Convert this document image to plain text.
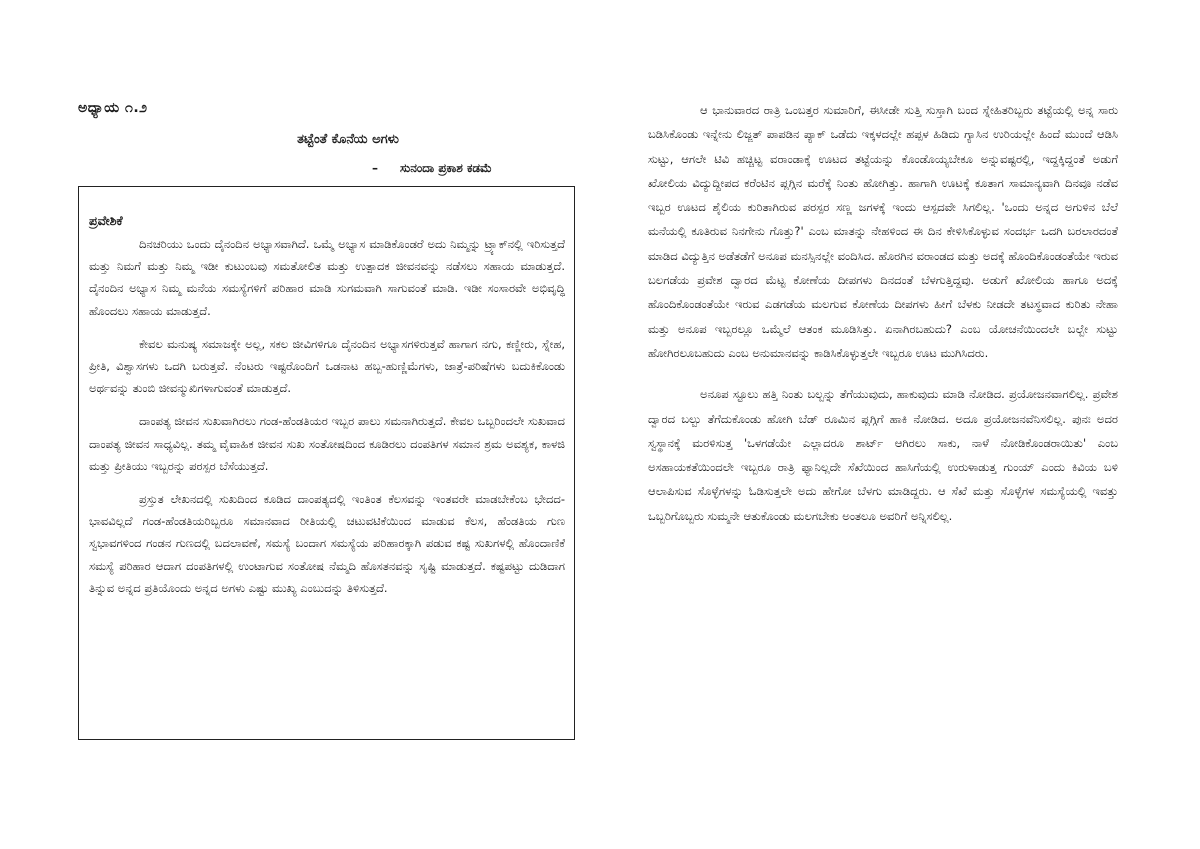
ಅಧ್ಯಾಯ ೧.೨
ತಟ್ಟೆಂತೆ ಕೊನೆಯ ಅಗಳು
– ಸುನಂದಾ ಪ್ರಕಾಶ ಕಡಮೆ
ಪ್ರವೇಶಿಕೆ

ದಿನಚರಿಯು ಒಂದು ದೈನಂದಿನ ಅಭ್ಯಾಸವಾಗಿದೆ. ಒಮ್ಮೆ ಅಭ್ಯಾಸ ಮಾಡಿಕೊಂಡರೆ ಅದು ನಿಮ್ಮನ್ನು ಟ್ರ್ಯಾಕ್‌ನಲ್ಲಿ ಇರಿಸುತ್ತದೆ ಮತ್ತು ನಿಮಗೆ ಮತ್ತು ನಿಮ್ಮ ಇಡೀ ಕುಟುಂಬವು ಸಮತೋಲಿತ ಮತ್ತು ಉತ್ಪಾದಕ ಜೀವನವನ್ನು ನಡೆಸಲು ಸಹಾಯ ಮಾಡುತ್ತದೆ. ದೈನಂದಿನ ಅಭ್ಯಾಸ ನಿಮ್ಮ ಮನೆಯ ಸಮಸ್ಯೆಗಳಿಗೆ ಪರಿಹಾರ ಮಾಡಿ ಸುಗಮವಾಗಿ ಸಾಗುವಂತೆ ಮಾಡಿ. ಇಡೀ ಸಂಸಾರವೇ ಅಭಿವೃದ್ಧಿ ಹೊಂದಲು ಸಹಾಯ ಮಾಡುತ್ತದೆ.

ಕೇವಲ ಮನುಷ್ಯ ಸಮಾಜಕ್ಕೇ ಅಲ್ಲ, ಸಕಲ ಜೀವಿಗಳಿಗೂ ದೈನಂದಿನ ಅಭ್ಯಾಸಗಳಿರುತ್ತವೆ ಹಾಗಾಗ ನಗು, ಕಣ್ಣೀರು, ಸ್ನೇಹ, ಪ್ರೀತಿ, ವಿಶ್ವಾಸಗಳು ಒದಗಿ ಬರುತ್ತವೆ. ನೆಂಟರು ಇಷ್ಟರೊಂದಿಗೆ ಒಡನಾಟ ಹಬ್ಬ-ಹುಣ್ಣಿಮೆಗಳು, ಜಾತ್ರೆ-ಪರಿಷೆಗಳು ಬದುಕಿಕೊಂಡು ಅರ್ಥವನ್ನು ತುಂಬಿ ಜೀವನ್ಮುಖಿಗಳಾಗುವಂತೆ ಮಾಡುತ್ತದೆ.

ದಾಂಪತ್ಯ ಜೀವನ ಸುಖವಾಗಿರಲು ಗಂಡ-ಹೆಂಡತಿಯರ ಇಬ್ಬರ ಪಾಲು ಸಮನಾಗಿರುತ್ತದೆ. ಕೇವಲ ಒಬ್ಬರಿಂದಲೇ ಸುಖವಾದ ದಾಂಪತ್ಯ ಜೀವನ ಸಾಧ್ಯವಿಲ್ಲ. ತಮ್ಮ ವೈವಾಹಿಕ ಜೀವನ ಸುಖ ಸಂತೋಷದಿಂದ ಕೂಡಿರಲು ದಂಪತಿಗಳ ಸಮಾನ ಶ್ರಮ ಅವಶ್ಯಕ, ಕಾಳಜಿ ಮತ್ತು ಪ್ರೀತಿಯು ಇಬ್ಬರನ್ನು ಪರಸ್ಪರ ಬೆಸೆಯುತ್ತದೆ.

ಪ್ರಸ್ತುತ ಲೇಖನದಲ್ಲಿ ಸುಖದಿಂದ ಕೂಡಿದ ದಾಂಪತ್ಯದಲ್ಲಿ ಇಂತಿಂತ ಕೆಲಸವನ್ನು ಇಂತವರೇ ಮಾಡಬೇಕೆಂಬ ಭೇದದ-ಭಾವವಿಲ್ಲದೆ ಗಂಡ-ಹೆಂಡತಿಯರಿಬ್ಬರೂ ಸಮಾನವಾದ ರೀತಿಯಲ್ಲಿ ಚಟುವಟಿಕೆಯಿಂದ ಮಾಡುವ ಕೆಲಸ, ಹೆಂಡತಿಯ ಗುಣ ಸ್ವಭಾವಗಳಿಂದ ಗಂಡನ ಗುಣದಲ್ಲಿ ಬದಲಾವಣೆ, ಸಮಸ್ಯೆ ಬಂದಾಗ ಸಮಸ್ಯೆಯ ಪರಿಹಾರಕ್ಕಾಗಿ ಪಡುವ ಕಷ್ಟ ಸುಖಗಳಲ್ಲಿ ಹೊಂದಾಣಿಕೆ ಸಮಸ್ಯೆ ಪರಿಹಾರ ಆದಾಗ ದಂಪತಿಗಳಲ್ಲಿ ಉಂಟಾಗುವ ಸಂತೋಷ ನೆಮ್ಮದಿ ಹೊಸತನವನ್ನು ಸೃಷ್ಟಿ ಮಾಡುತ್ತದೆ. ಕಷ್ಟಪಟ್ಟು ದುಡಿದಾಗ ತಿನ್ನುವ ಅನ್ನದ ಪ್ರತಿಯೊಂದು ಅನ್ನದ ಅಗಳು ಎಷ್ಟು ಮುಖ್ಯ ಎಂಬುದನ್ನು ತಿಳಿಸುತ್ತದೆ.

ಆ ಭಾನುವಾರದ ರಾತ್ರಿ ಒಂಬತ್ತರ ಸುಮಾರಿಗೆ, ಈಸೀಡೇ ಸುತ್ತಿ ಸುಸ್ತಾಗಿ ಬಂದ ಸ್ನೇಹಿತರಿಬ್ಬರು ತಟ್ಟೆಯಲ್ಲಿ ಅನ್ನ ಸಾರು ಬಡಿಸಿಕೊಂಡು ಇನ್ನೇನು ಲಿಜ್ಜತ್ ಪಾಪಡಿನ ಪ್ಯಾಕ್ ಒಡೆದು ಇಕ್ಕಳದಲ್ಲೇ ಹಪ್ಪಳ ಹಿಡಿದು ಗ್ಯಾಸಿನ ಉರಿಯಲ್ಲೇ ಹಿಂದೆ ಮುಂದೆ ಆಡಿಸಿ ಸುಟ್ಟು, ಆಗಲೇ ಟಿವಿ ಹಚ್ಚಿಟ್ಟ ವರಾಂಡಾಕ್ಕೆ ಊಟದ ತಟ್ಟೆಯನ್ನು ಕೊಂಡೊಯ್ಯಬೇಕೂ ಅನ್ನುವಷ್ಟರಲ್ಲಿ, ಇದ್ದಕ್ಕಿದ್ದಂತೆ ಅಡುಗೆ ಖೋಲಿಯ ವಿದ್ಯುದ್ದೀಪದ ಕರೆಂಟಿನ ಪ್ಲಗ್ಗಿನ ಮರೆಕ್ಕೆ ನಿಂತು ಹೋಗಿತ್ತು. ಹಾಗಾಗಿ ಊಟಕ್ಕೆ ಕೂತಾಗ ಸಾಮಾನ್ಯವಾಗಿ ದಿನವೂ ನಡೆವ ಇಬ್ಬರ ಊಟದ ಶೈಲಿಯ ಕುರಿತಾಗಿರುವ ಪರಸ್ಪರ ಸಣ್ಣ ಜಗಳಕ್ಕೆ ಇಂದು ಆಸ್ಪದವೇ ಸಿಗಲಿಲ್ಲ. 'ಒಂದು ಅನ್ನದ ಅಗುಳಿನ ಬೆಲೆ ಮನೆಯಲ್ಲಿ ಕೂತಿರುವ ನಿನಗೇನು ಗೊತ್ತು?' ಎಂಬ ಮಾತನ್ನು ನೇಹಳಿಂದ ಈ ದಿನ ಕೇಳಿಸಿಕೊಳ್ಳುವ ಸಂದರ್ಭ ಒದಗಿ ಬರಲಾರದಂತೆ ಮಾಡಿದ ವಿದ್ಯುತ್ತಿನ ಅಡೆತಡೆಗೆ ಅನೂಪ ಮನಸ್ಸಿನಲ್ಲೇ ವಂದಿಸಿದ. ಹೊರಗಿನ ವರಾಂಡದ ಮತ್ತು ಅದಕ್ಕೆ ಹೊಂದಿಕೊಂಡಂತೆಯೇ ಇರುವ ಬಲಗಡೆಯ ಪ್ರವೇಶ ದ್ವಾರದ ಮೆಟ್ಟ ಕೋಣೆಯ ದೀಪಗಳು ದಿನದಂತೆ ಬೆಳಗುತ್ತಿದ್ದವು. ಅಡುಗೆ ಖೋಲಿಯ ಹಾಗೂ ಅದಕ್ಕೆ ಹೊಂದಿಕೊಂಡಂತೆಯೇ ಇರುವ ಎಡಗಡೆಯ ಮಲಗುವ ಕೋಣೆಯ ದೀಪಗಳು ಹೀಗೆ ಬೆಳಕು ನೀಡದೇ ತಟಸ್ಥವಾದ ಕುರಿತು ನೇಹಾ ಮತ್ತು ಅನೂಪ ಇಬ್ಬರಲ್ಲೂ ಒಮ್ಮೆಲೆ ಆತಂಕ ಮೂಡಿಸಿತ್ತು. ಏನಾಗಿರಬಹುದು? ಎಂಬ ಯೋಚನೆಯಿಂದಲೇ ಬಲ್ಬೇ ಸುಟ್ಟು ಹೋಗಿರಲೂಬಹುದು ಎಂಬ ಅನುಮಾನವನ್ನು ಕಾಡಿಸಿಕೊಳ್ಳುತ್ತಲೇ ಇಬ್ಬರೂ ಊಟ ಮುಗಿಸಿದರು.

ಅನೂಪ ಸ್ಟೂಲು ಹತ್ತಿ ನಿಂತು ಬಲ್ಬನ್ನು ತೆಗೆಯುವುದು, ಹಾಕುವುದು ಮಾಡಿ ನೋಡಿದ. ಪ್ರಯೋಜನವಾಗಲಿಲ್ಲ. ಪ್ರವೇಶ ದ್ವಾರದ ಬಲ್ಬು ತೆಗೆದುಕೊಂಡು ಹೋಗಿ ಬೆಡ್ ರೂಮಿನ ಪ್ಲಗ್ಗಿಗೆ ಹಾಕಿ ನೋಡಿದ. ಅದೂ ಪ್ರಯೋಜನವೆನಿಸಲಿಲ್ಲ. ಪುನಃ ಅದರ ಸ್ವಸ್ಥಾನಕ್ಕೆ ಮರಳಿಸುತ್ತ 'ಒಳಗಡೆಯೇ ಎಲ್ಲಾದರೂ ಶಾರ್ಟ್ ಆಗಿರಲು ಸಾಕು, ನಾಳೆ ನೋಡಿಕೊಂಡರಾಯಿತು' ಎಂಬ ಅಸಹಾಯಕತೆಯಿಂದಲೇ ಇಬ್ಬರೂ ರಾತ್ರಿ ಫ್ಯಾನಿಲ್ಲದೇ ಸೆಖೆಯಿಂದ ಹಾಸಿಗೆಯಲ್ಲಿ ಉರುಳಾಡುತ್ತ ಗುಂಯ್ ಎಂದು ಕಿವಿಯ ಬಳಿ ಆಲಾಪಿಸುವ ಸೊಳ್ಳೆಗಳನ್ನು ಓಡಿಸುತ್ತಲೇ ಅದು ಹೇಗೋ ಬೆಳಗು ಮಾಡಿದ್ದರು. ಆ ಸೆಖೆ ಮತ್ತು ಸೊಳ್ಳೆಗಳ ಸಮಸ್ಯೆಯಲ್ಲಿ ಇವತ್ತು ಒಬ್ಬರಿಗೊಬ್ಬರು ಸುಮ್ಮನೇ ಆತುಕೊಂಡು ಮಲಗಬೇಕು ಅಂತಲೂ ಅವರಿಗೆ ಅನ್ನಿಸಲಿಲ್ಲ.
